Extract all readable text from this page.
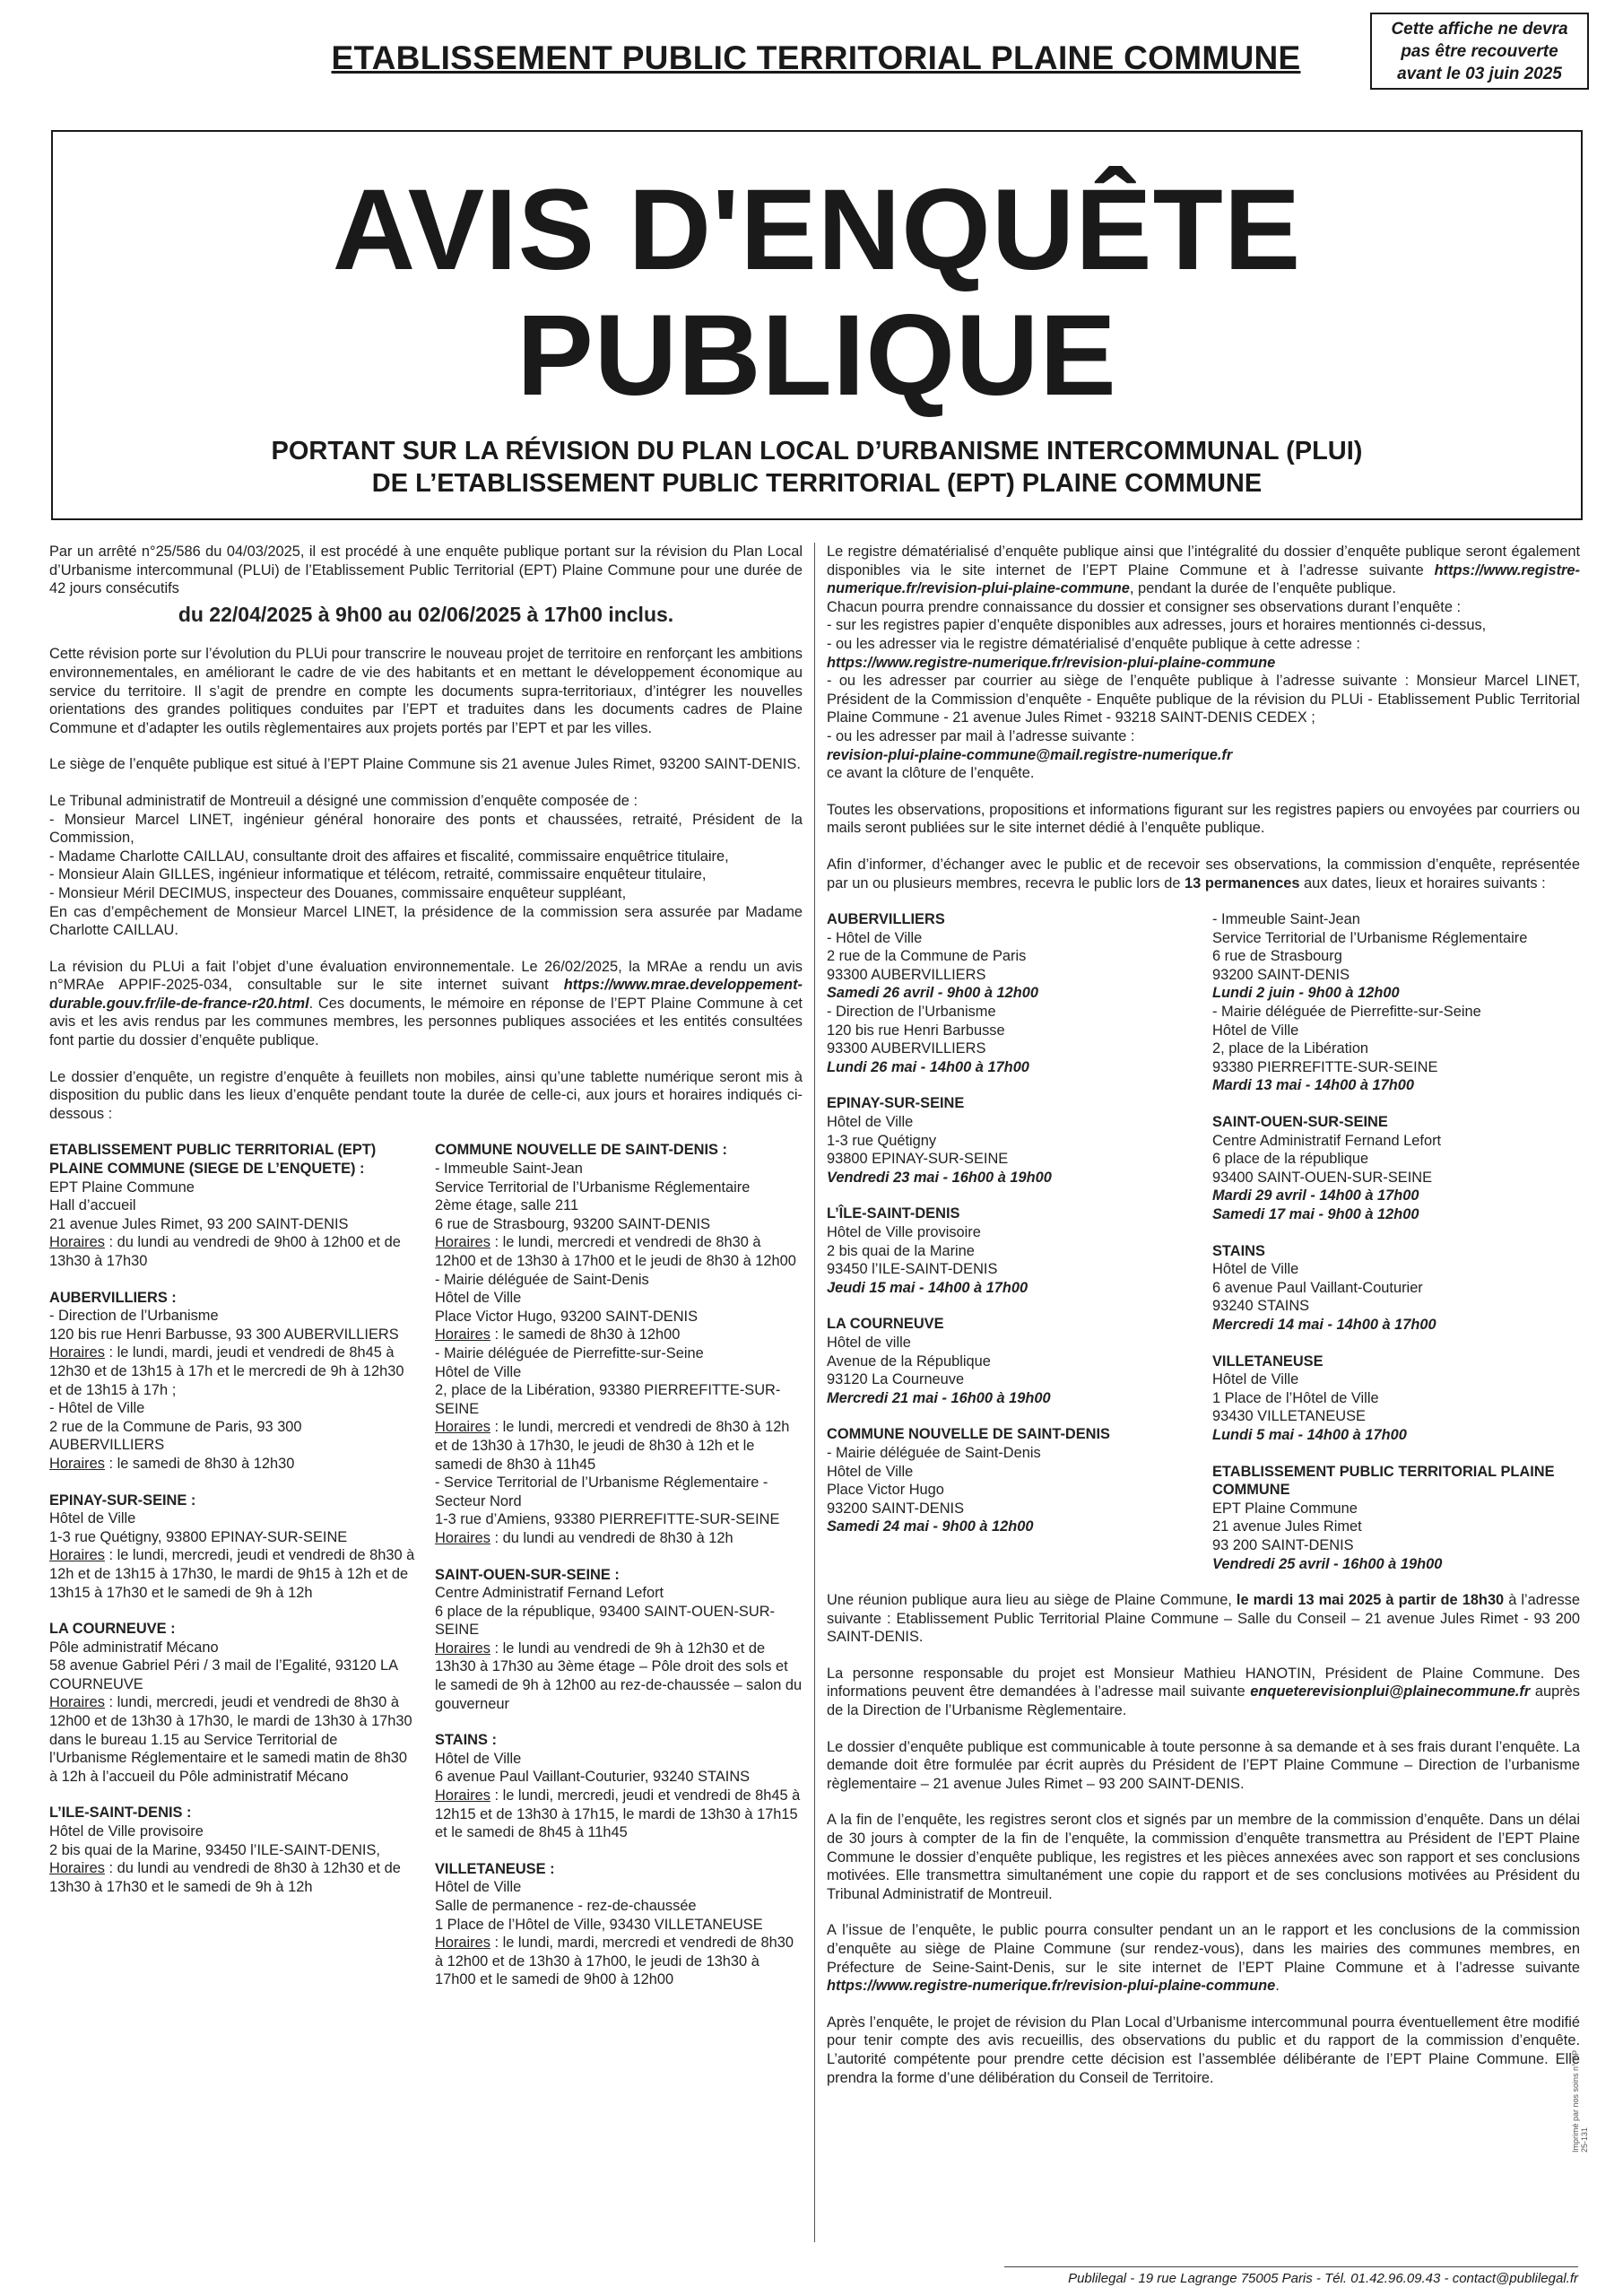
ETABLISSEMENT PUBLIC TERRITORIAL PLAINE COMMUNE
Cette affiche ne devra
pas être recouverte
avant le 03 juin 2025
AVIS D'ENQUÊTE
PUBLIQUE
PORTANT SUR LA RÉVISION DU PLAN LOCAL D’URBANISME INTERCOMMUNAL (PLUI)
DE L’ETABLISSEMENT PUBLIC TERRITORIAL (EPT) PLAINE COMMUNE

Par un arrêté n°25/586 du 04/03/2025, il est procédé à une enquête publique portant sur la révision du Plan Local d’Urbanisme intercommunal (PLUi) de l’Etablissement Public Territorial (EPT) Plaine Commune pour une durée de 42 jours consécutifs

du 22/04/2025 à 9h00 au 02/06/2025 à 17h00 inclus.

Cette révision porte sur l’évolution du PLUi pour transcrire le nouveau projet de territoire en renforçant les ambitions environnementales, en améliorant le cadre de vie des habitants et en mettant le développement économique au service du territoire. Il s’agit de prendre en compte les documents supra-territoriaux, d’intégrer les nouvelles orientations des grandes politiques conduites par l’EPT et traduites dans les documents cadres de Plaine Commune et d’adapter les outils règlementaires aux projets portés par l’EPT et par les villes.

Le siège de l’enquête publique est situé à l’EPT Plaine Commune sis 21 avenue Jules Rimet, 93200 SAINT-DENIS.

Le Tribunal administratif de Montreuil a désigné une commission d’enquête composée de :
- Monsieur Marcel LINET, ingénieur général honoraire des ponts et chaussées, retraité, Président de la Commission,
- Madame Charlotte CAILLAU, consultante droit des affaires et fiscalité, commissaire enquêtrice titulaire,
- Monsieur Alain GILLES, ingénieur informatique et télécom, retraité, commissaire enquêteur titulaire,
- Monsieur Méril DECIMUS, inspecteur des Douanes, commissaire enquêteur suppléant,
En cas d’empêchement de Monsieur Marcel LINET, la présidence de la commission sera assurée par Madame Charlotte CAILLAU.

La révision du PLUi a fait l’objet d’une évaluation environnementale. Le 26/02/2025, la MRAe a rendu un avis n°MRAe APPIF-2025-034, consultable sur le site internet suivant https://www.mrae.developpement-durable.gouv.fr/ile-de-france-r20.html. Ces documents, le mémoire en réponse de l’EPT Plaine Commune à cet avis et les avis rendus par les communes membres, les personnes publiques associées et les entités consultées font partie du dossier d’enquête publique.

Le dossier d’enquête, un registre d’enquête à feuillets non mobiles, ainsi qu’une tablette numérique seront mis à disposition du public dans les lieux d’enquête pendant toute la durée de celle-ci, aux jours et horaires indiqués ci-dessous :

ETABLISSEMENT PUBLIC TERRITORIAL (EPT) PLAINE COMMUNE (SIEGE DE L’ENQUETE) :
EPT Plaine Commune
Hall d’accueil
21 avenue Jules Rimet, 93 200 SAINT-DENIS
Horaires : du lundi au vendredi de 9h00 à 12h00 et de 13h30 à 17h30

AUBERVILLIERS :
- Direction de l’Urbanisme
120 bis rue Henri Barbusse, 93 300 AUBERVILLIERS
Horaires : le lundi, mardi, jeudi et vendredi de 8h45 à 12h30 et de 13h15 à 17h et le mercredi de 9h à 12h30 et de 13h15 à 17h ;
- Hôtel de Ville
2 rue de la Commune de Paris, 93 300 AUBERVILLIERS
Horaires : le samedi de 8h30 à 12h30

EPINAY-SUR-SEINE :
Hôtel de Ville
1-3 rue Quétigny, 93800 EPINAY-SUR-SEINE
Horaires : le lundi, mercredi, jeudi et vendredi de 8h30 à 12h et de 13h15 à 17h30, le mardi de 9h15 à 12h et de 13h15 à 17h30 et le samedi de 9h à 12h

LA COURNEUVE :
Pôle administratif Mécano
58 avenue Gabriel Péri / 3 mail de l’Egalité, 93120 LA COURNEUVE
Horaires : lundi, mercredi, jeudi et vendredi de 8h30 à 12h00 et de 13h30 à 17h30, le mardi de 13h30 à 17h30 dans le bureau 1.15 au Service Territorial de l’Urbanisme Réglementaire et le samedi matin de 8h30 à 12h à l’accueil du Pôle administratif Mécano

L’ILE-SAINT-DENIS :
Hôtel de Ville provisoire
2 bis quai de la Marine, 93450 l’ILE-SAINT-DENIS,
Horaires : du lundi au vendredi de 8h30 à 12h30 et de 13h30 à 17h30 et le samedi de 9h à 12h

COMMUNE NOUVELLE DE SAINT-DENIS :
- Immeuble Saint-Jean
Service Territorial de l’Urbanisme Réglementaire
2ème étage, salle 211
6 rue de Strasbourg, 93200 SAINT-DENIS
Horaires : le lundi, mercredi et vendredi de 8h30 à 12h00 et de 13h30 à 17h00 et le jeudi de 8h30 à 12h00
- Mairie déléguée de Saint-Denis
Hôtel de Ville
Place Victor Hugo, 93200 SAINT-DENIS
Horaires : le samedi de 8h30 à 12h00
- Mairie déléguée de Pierrefitte-sur-Seine
Hôtel de Ville
2, place de la Libération, 93380 PIERREFITTE-SUR-SEINE
Horaires : le lundi, mercredi et vendredi de 8h30 à 12h et de 13h30 à 17h30, le jeudi de 8h30 à 12h et le samedi de 8h30 à 11h45
- Service Territorial de l’Urbanisme Réglementaire - Secteur Nord
1-3 rue d’Amiens, 93380 PIERREFITTE-SUR-SEINE
Horaires : du lundi au vendredi de 8h30 à 12h

SAINT-OUEN-SUR-SEINE :
Centre Administratif Fernand Lefort
6 place de la république, 93400 SAINT-OUEN-SUR-SEINE
Horaires : le lundi au vendredi de 9h à 12h30 et de 13h30 à 17h30 au 3ème étage – Pôle droit des sols et le samedi de 9h à 12h00 au rez-de-chaussée – salon du gouverneur

STAINS :
Hôtel de Ville
6 avenue Paul Vaillant-Couturier, 93240 STAINS
Horaires : le lundi, mercredi, jeudi et vendredi de 8h45 à 12h15 et de 13h30 à 17h15, le mardi de 13h30 à 17h15 et le samedi de 8h45 à 11h45

VILLETANEUSE :
Hôtel de Ville
Salle de permanence - rez-de-chaussée
1 Place de l’Hôtel de Ville, 93430 VILLETANEUSE
Horaires : le lundi, mardi, mercredi et vendredi de 8h30 à 12h00 et de 13h30 à 17h00, le jeudi de 13h30 à 17h00 et le samedi de 9h00 à 12h00

Le registre dématérialisé d’enquête publique ainsi que l’intégralité du dossier d’enquête publique seront également disponibles via le site internet de l’EPT Plaine Commune et à l’adresse suivante https://www.registre-numerique.fr/revision-plui-plaine-commune, pendant la durée de l’enquête publique.

Chacun pourra prendre connaissance du dossier et consigner ses observations durant l’enquête :
- sur les registres papier d’enquête disponibles aux adresses, jours et horaires mentionnés ci-dessus,
- ou les adresser via le registre dématérialisé d’enquête publique à cette adresse :
https://www.registre-numerique.fr/revision-plui-plaine-commune
- ou les adresser par courrier au siège de l’enquête publique à l’adresse suivante : Monsieur Marcel LINET, Président de la Commission d’enquête - Enquête publique de la révision du PLUi - Etablissement Public Territorial Plaine Commune - 21 avenue Jules Rimet - 93218 SAINT-DENIS CEDEX ;
- ou les adresser par mail à l’adresse suivante :
revision-plui-plaine-commune@mail.registre-numerique.fr
ce avant la clôture de l’enquête.

Toutes les observations, propositions et informations figurant sur les registres papiers ou envoyées par courriers ou mails seront publiées sur le site internet dédié à l’enquête publique.

Afin d’informer, d’échanger avec le public et de recevoir ses observations, la commission d’enquête, représentée par un ou plusieurs membres, recevra le public lors de 13 permanences aux dates, lieux et horaires suivants :

AUBERVILLIERS
- Hôtel de Ville
2 rue de la Commune de Paris
93300 AUBERVILLIERS
Samedi 26 avril - 9h00 à 12h00
- Direction de l’Urbanisme
120 bis rue Henri Barbusse
93300 AUBERVILLIERS
Lundi 26 mai - 14h00 à 17h00

EPINAY-SUR-SEINE
Hôtel de Ville
1-3 rue Quétigny
93800 EPINAY-SUR-SEINE
Vendredi 23 mai - 16h00 à 19h00

L’ÎLE-SAINT-DENIS
Hôtel de Ville provisoire
2 bis quai de la Marine
93450 l’ILE-SAINT-DENIS
Jeudi 15 mai - 14h00 à 17h00

LA COURNEUVE
Hôtel de ville
Avenue de la République
93120 La Courneuve
Mercredi 21 mai - 16h00 à 19h00

COMMUNE NOUVELLE DE SAINT-DENIS
- Mairie déléguée de Saint-Denis
Hôtel de Ville
Place Victor Hugo
93200 SAINT-DENIS
Samedi 24 mai - 9h00 à 12h00

- Immeuble Saint-Jean
Service Territorial de l’Urbanisme Réglementaire
6 rue de Strasbourg
93200 SAINT-DENIS
Lundi 2 juin - 9h00 à 12h00
- Mairie déléguée de Pierrefitte-sur-Seine
Hôtel de Ville
2, place de la Libération
93380 PIERREFITTE-SUR-SEINE
Mardi 13 mai - 14h00 à 17h00

SAINT-OUEN-SUR-SEINE
Centre Administratif Fernand Lefort
6 place de la république
93400 SAINT-OUEN-SUR-SEINE
Mardi 29 avril - 14h00 à 17h00
Samedi 17 mai - 9h00 à 12h00

STAINS
Hôtel de Ville
6 avenue Paul Vaillant-Couturier
93240 STAINS
Mercredi 14 mai - 14h00 à 17h00

VILLETANEUSE
Hôtel de Ville
1 Place de l’Hôtel de Ville
93430 VILLETANEUSE
Lundi 5 mai - 14h00 à 17h00

ETABLISSEMENT PUBLIC TERRITORIAL PLAINE COMMUNE
EPT Plaine Commune
21 avenue Jules Rimet
93 200 SAINT-DENIS
Vendredi 25 avril - 16h00 à 19h00

Une réunion publique aura lieu au siège de Plaine Commune, le mardi 13 mai 2025 à partir de 18h30 à l’adresse suivante : Etablissement Public Territorial Plaine Commune – Salle du Conseil – 21 avenue Jules Rimet - 93 200 SAINT-DENIS.

La personne responsable du projet est Monsieur Mathieu HANOTIN, Président de Plaine Commune. Des informations peuvent être demandées à l’adresse mail suivante enqueterevisionplui@plainecommune.fr auprès de la Direction de l’Urbanisme Règlementaire.

Le dossier d’enquête publique est communicable à toute personne à sa demande et à ses frais durant l’enquête. La demande doit être formulée par écrit auprès du Président de l’EPT Plaine Commune – Direction de l’urbanisme règlementaire – 21 avenue Jules Rimet – 93 200 SAINT-DENIS.

A la fin de l’enquête, les registres seront clos et signés par un membre de la commission d’enquête. Dans un délai de 30 jours à compter de la fin de l’enquête, la commission d’enquête transmettra au Président de l’EPT Plaine Commune le dossier d’enquête publique, les registres et les pièces annexées avec son rapport et ses conclusions motivées. Elle transmettra simultanément une copie du rapport et de ses conclusions motivées au Président du Tribunal Administratif de Montreuil.

A l’issue de l’enquête, le public pourra consulter pendant un an le rapport et les conclusions de la commission d’enquête au siège de Plaine Commune (sur rendez-vous), dans les mairies des communes membres, en Préfecture de Seine-Saint-Denis, sur le site internet de l’EPT Plaine Commune et à l’adresse suivante https://www.registre-numerique.fr/revision-plui-plaine-commune.

Après l’enquête, le projet de révision du Plan Local d’Urbanisme intercommunal pourra éventuellement être modifié pour tenir compte des avis recueillis, des observations du public et du rapport de la commission d’enquête. L’autorité compétente pour prendre cette décision est l’assemblée délibérante de l’EPT Plaine Commune. Elle prendra la forme d’une délibération du Conseil de Territoire.

Publilegal - 19 rue Lagrange 75005 Paris - Tél. 01.42.96.09.43 - contact@publilegal.fr
Imprimé par nos soins n° EP 25-131
